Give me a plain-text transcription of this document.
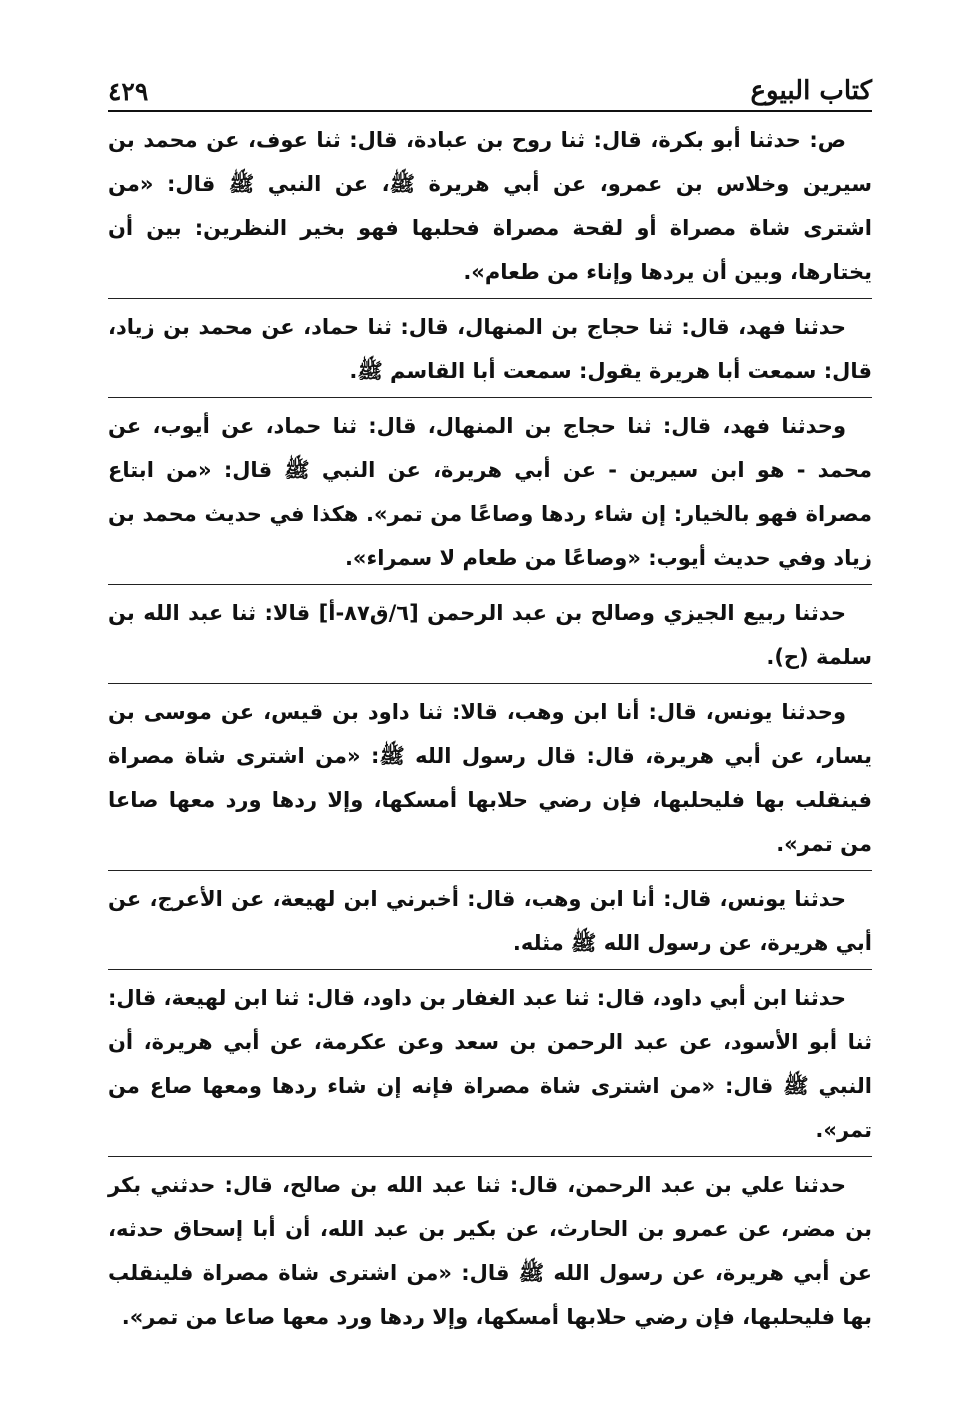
كتاب البيوع
٤٢٩

ص: حدثنا أبو بكرة، قال: ثنا روح بن عبادة، قال: ثنا عوف، عن محمد بن سيرين وخلاس بن عمرو، عن أبي هريرة ﷺ، عن النبي ﷺ قال: «من اشترى شاة مصراة أو لقحة مصراة فحلبها فهو بخير النظرين: بين أن يختارها، وبين أن يردها وإناء من طعام».

حدثنا فهد، قال: ثنا حجاج بن المنهال، قال: ثنا حماد، عن محمد بن زياد، قال: سمعت أبا هريرة يقول: سمعت أبا القاسم ﷺ.

وحدثنا فهد، قال: ثنا حجاج بن المنهال، قال: ثنا حماد، عن أيوب، عن محمد - هو ابن سيرين - عن أبي هريرة، عن النبي ﷺ قال: «من ابتاع مصراة فهو بالخيار: إن شاء ردها وصاعًا من تمر». هكذا في حديث محمد بن زياد وفي حديث أيوب: «وصاعًا من طعام لا سمراء».

حدثنا ربيع الجيزي وصالح بن عبد الرحمن [٦/ق٨٧-أ] قالا: ثنا عبد الله بن سلمة (ح).

وحدثنا يونس، قال: أنا ابن وهب، قالا: ثنا داود بن قيس، عن موسى بن يسار، عن أبي هريرة، قال: قال رسول الله ﷺ: «من اشترى شاة مصراة فينقلب بها فليحلبها، فإن رضي حلابها أمسكها، وإلا ردها ورد معها صاعا من تمر».

حدثنا يونس، قال: أنا ابن وهب، قال: أخبرني ابن لهيعة، عن الأعرج، عن أبي هريرة، عن رسول الله ﷺ مثله.

حدثنا ابن أبي داود، قال: ثنا عبد الغفار بن داود، قال: ثنا ابن لهيعة، قال: ثنا أبو الأسود، عن عبد الرحمن بن سعد وعن عكرمة، عن أبي هريرة، أن النبي ﷺ قال: «من اشترى شاة مصراة فإنه إن شاء ردها ومعها صاع من تمر».

حدثنا علي بن عبد الرحمن، قال: ثنا عبد الله بن صالح، قال: حدثني بكر بن مضر، عن عمرو بن الحارث، عن بكير بن عبد الله، أن أبا إسحاق حدثه، عن أبي هريرة، عن رسول الله ﷺ قال: «من اشترى شاة مصراة فلينقلب بها فليحلبها، فإن رضي حلابها أمسكها، وإلا ردها ورد معها صاعا من تمر».
